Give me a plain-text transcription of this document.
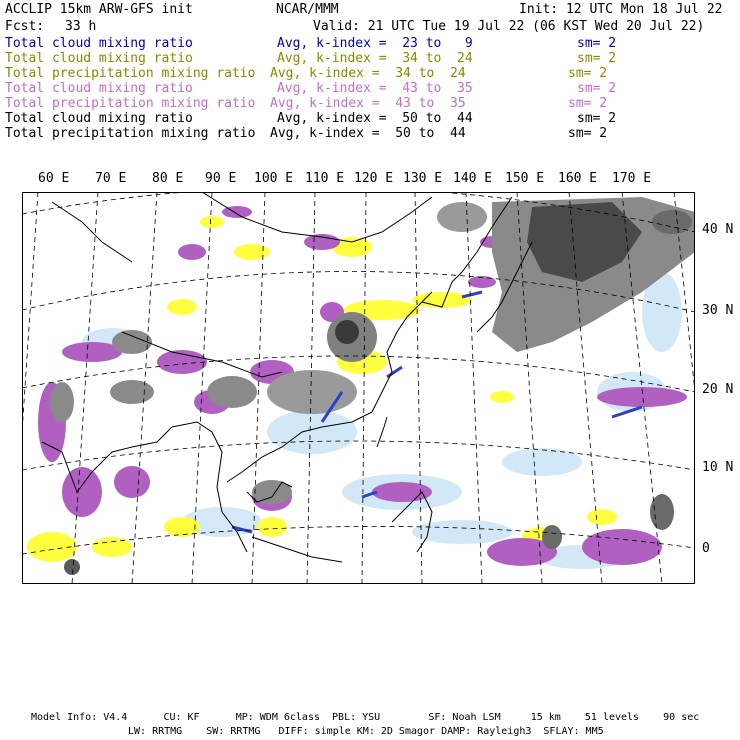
ACCLIP 15km ARW-GFS init	NCAR/MMM	Init: 12 UTC Mon 18 Jul 22
Fcst: 33 h	Valid: 21 UTC Tue 19 Jul 22 (06 KST Wed 20 Jul 22)
Total cloud mixing ratio	Avg, k-index =  23 to   9	sm= 2
Total cloud mixing ratio	Avg, k-index =  34 to  24	sm= 2
Total precipitation mixing ratio Avg, k-index =  34 to  24	sm= 2
Total cloud mixing ratio	Avg, k-index =  43 to  35	sm= 2
Total precipitation mixing ratio Avg, k-index =  43 to  35	sm= 2
Total cloud mixing ratio	Avg, k-index =  50 to  44	sm= 2
Total precipitation mixing ratio Avg, k-index =  50 to  44	sm= 2
60 E 70 E 80 E 90 E 100 E 110 E 120 E 130 E 140 E 150 E 160 E 170 E
40 N
30 N
20 N
10 N
0
Model Info: V4.4      CU: KF      MP: WDM 6class  PBL: YSU        SF: Noah LSM     15 km    51 levels    90 sec
LW: RRTMG    SW: RRTMG   DIFF: simple KM: 2D Smagor DAMP: Rayleigh3  SFLAY: MM5
